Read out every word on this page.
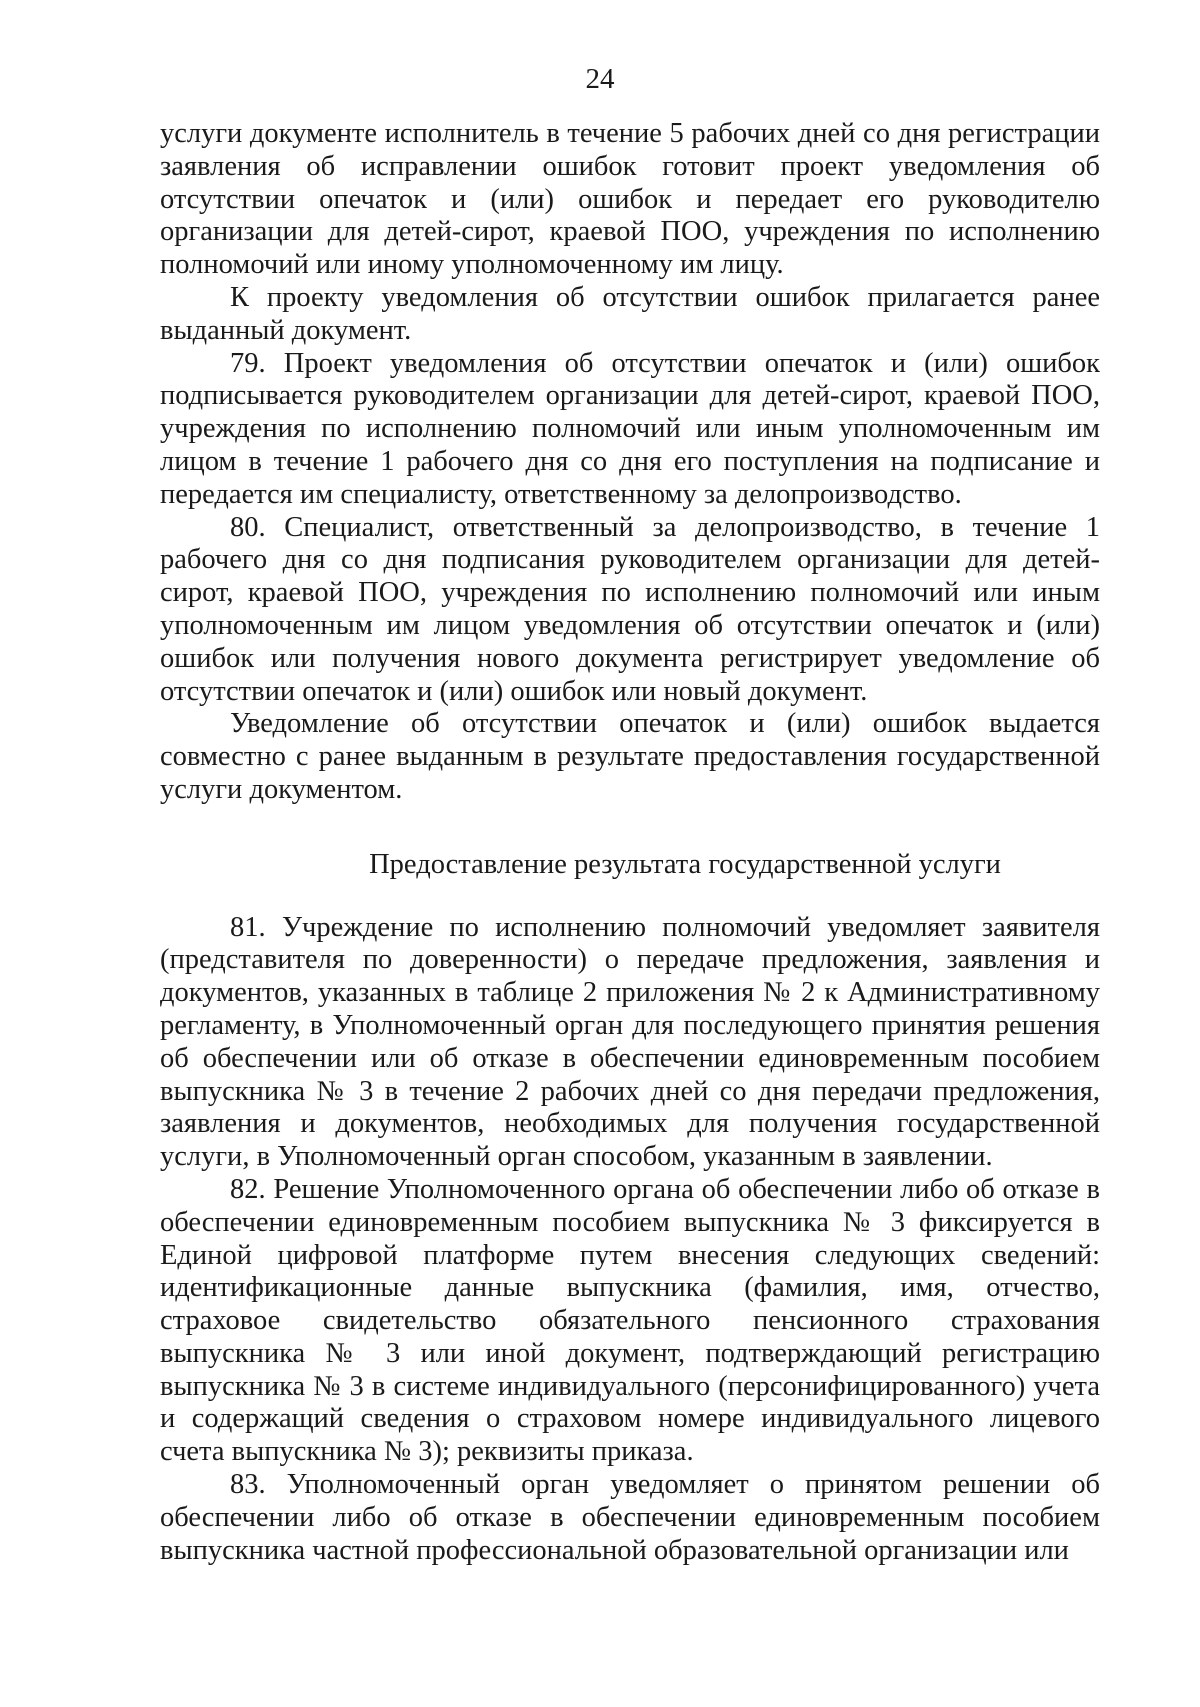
24

услуги документе исполнитель в течение 5 рабочих дней со дня регистрации заявления об исправлении ошибок готовит проект уведомления об отсутствии опечаток и (или) ошибок и передает его руководителю организации для детей-сирот, краевой ПОО, учреждения по исполнению полномочий или иному уполномоченному им лицу.

К проекту уведомления об отсутствии ошибок прилагается ранее выданный документ.

79. Проект уведомления об отсутствии опечаток и (или) ошибок подписывается руководителем организации для детей-сирот, краевой ПОО, учреждения по исполнению полномочий или иным уполномоченным им лицом в течение 1 рабочего дня со дня его поступления на подписание и передается им специалисту, ответственному за делопроизводство.

80. Специалист, ответственный за делопроизводство, в течение 1 рабочего дня со дня подписания руководителем организации для детей-сирот, краевой ПОО, учреждения по исполнению полномочий или иным уполномоченным им лицом уведомления об отсутствии опечаток и (или) ошибок или получения нового документа регистрирует уведомление об отсутствии опечаток и (или) ошибок или новый документ.

Уведомление об отсутствии опечаток и (или) ошибок выдается совместно с ранее выданным в результате предоставления государственной услуги документом.

Предоставление результата государственной услуги

81. Учреждение по исполнению полномочий уведомляет заявителя (представителя по доверенности) о передаче предложения, заявления и документов, указанных в таблице 2 приложения № 2 к Административному регламенту, в Уполномоченный орган для последующего принятия решения об обеспечении или об отказе в обеспечении единовременным пособием выпускника № 3 в течение 2 рабочих дней со дня передачи предложения, заявления и документов, необходимых для получения государственной услуги, в Уполномоченный орган способом, указанным в заявлении.

82. Решение Уполномоченного органа об обеспечении либо об отказе в обеспечении единовременным пособием выпускника № 3 фиксируется в Единой цифровой платформе путем внесения следующих сведений: идентификационные данные выпускника (фамилия, имя, отчество, страховое свидетельство обязательного пенсионного страхования выпускника № 3 или иной документ, подтверждающий регистрацию выпускника № 3 в системе индивидуального (персонифицированного) учета и содержащий сведения о страховом номере индивидуального лицевого счета выпускника № 3); реквизиты приказа.

83. Уполномоченный орган уведомляет о принятом решении об обеспечении либо об отказе в обеспечении единовременным пособием выпускника частной профессиональной образовательной организации или
